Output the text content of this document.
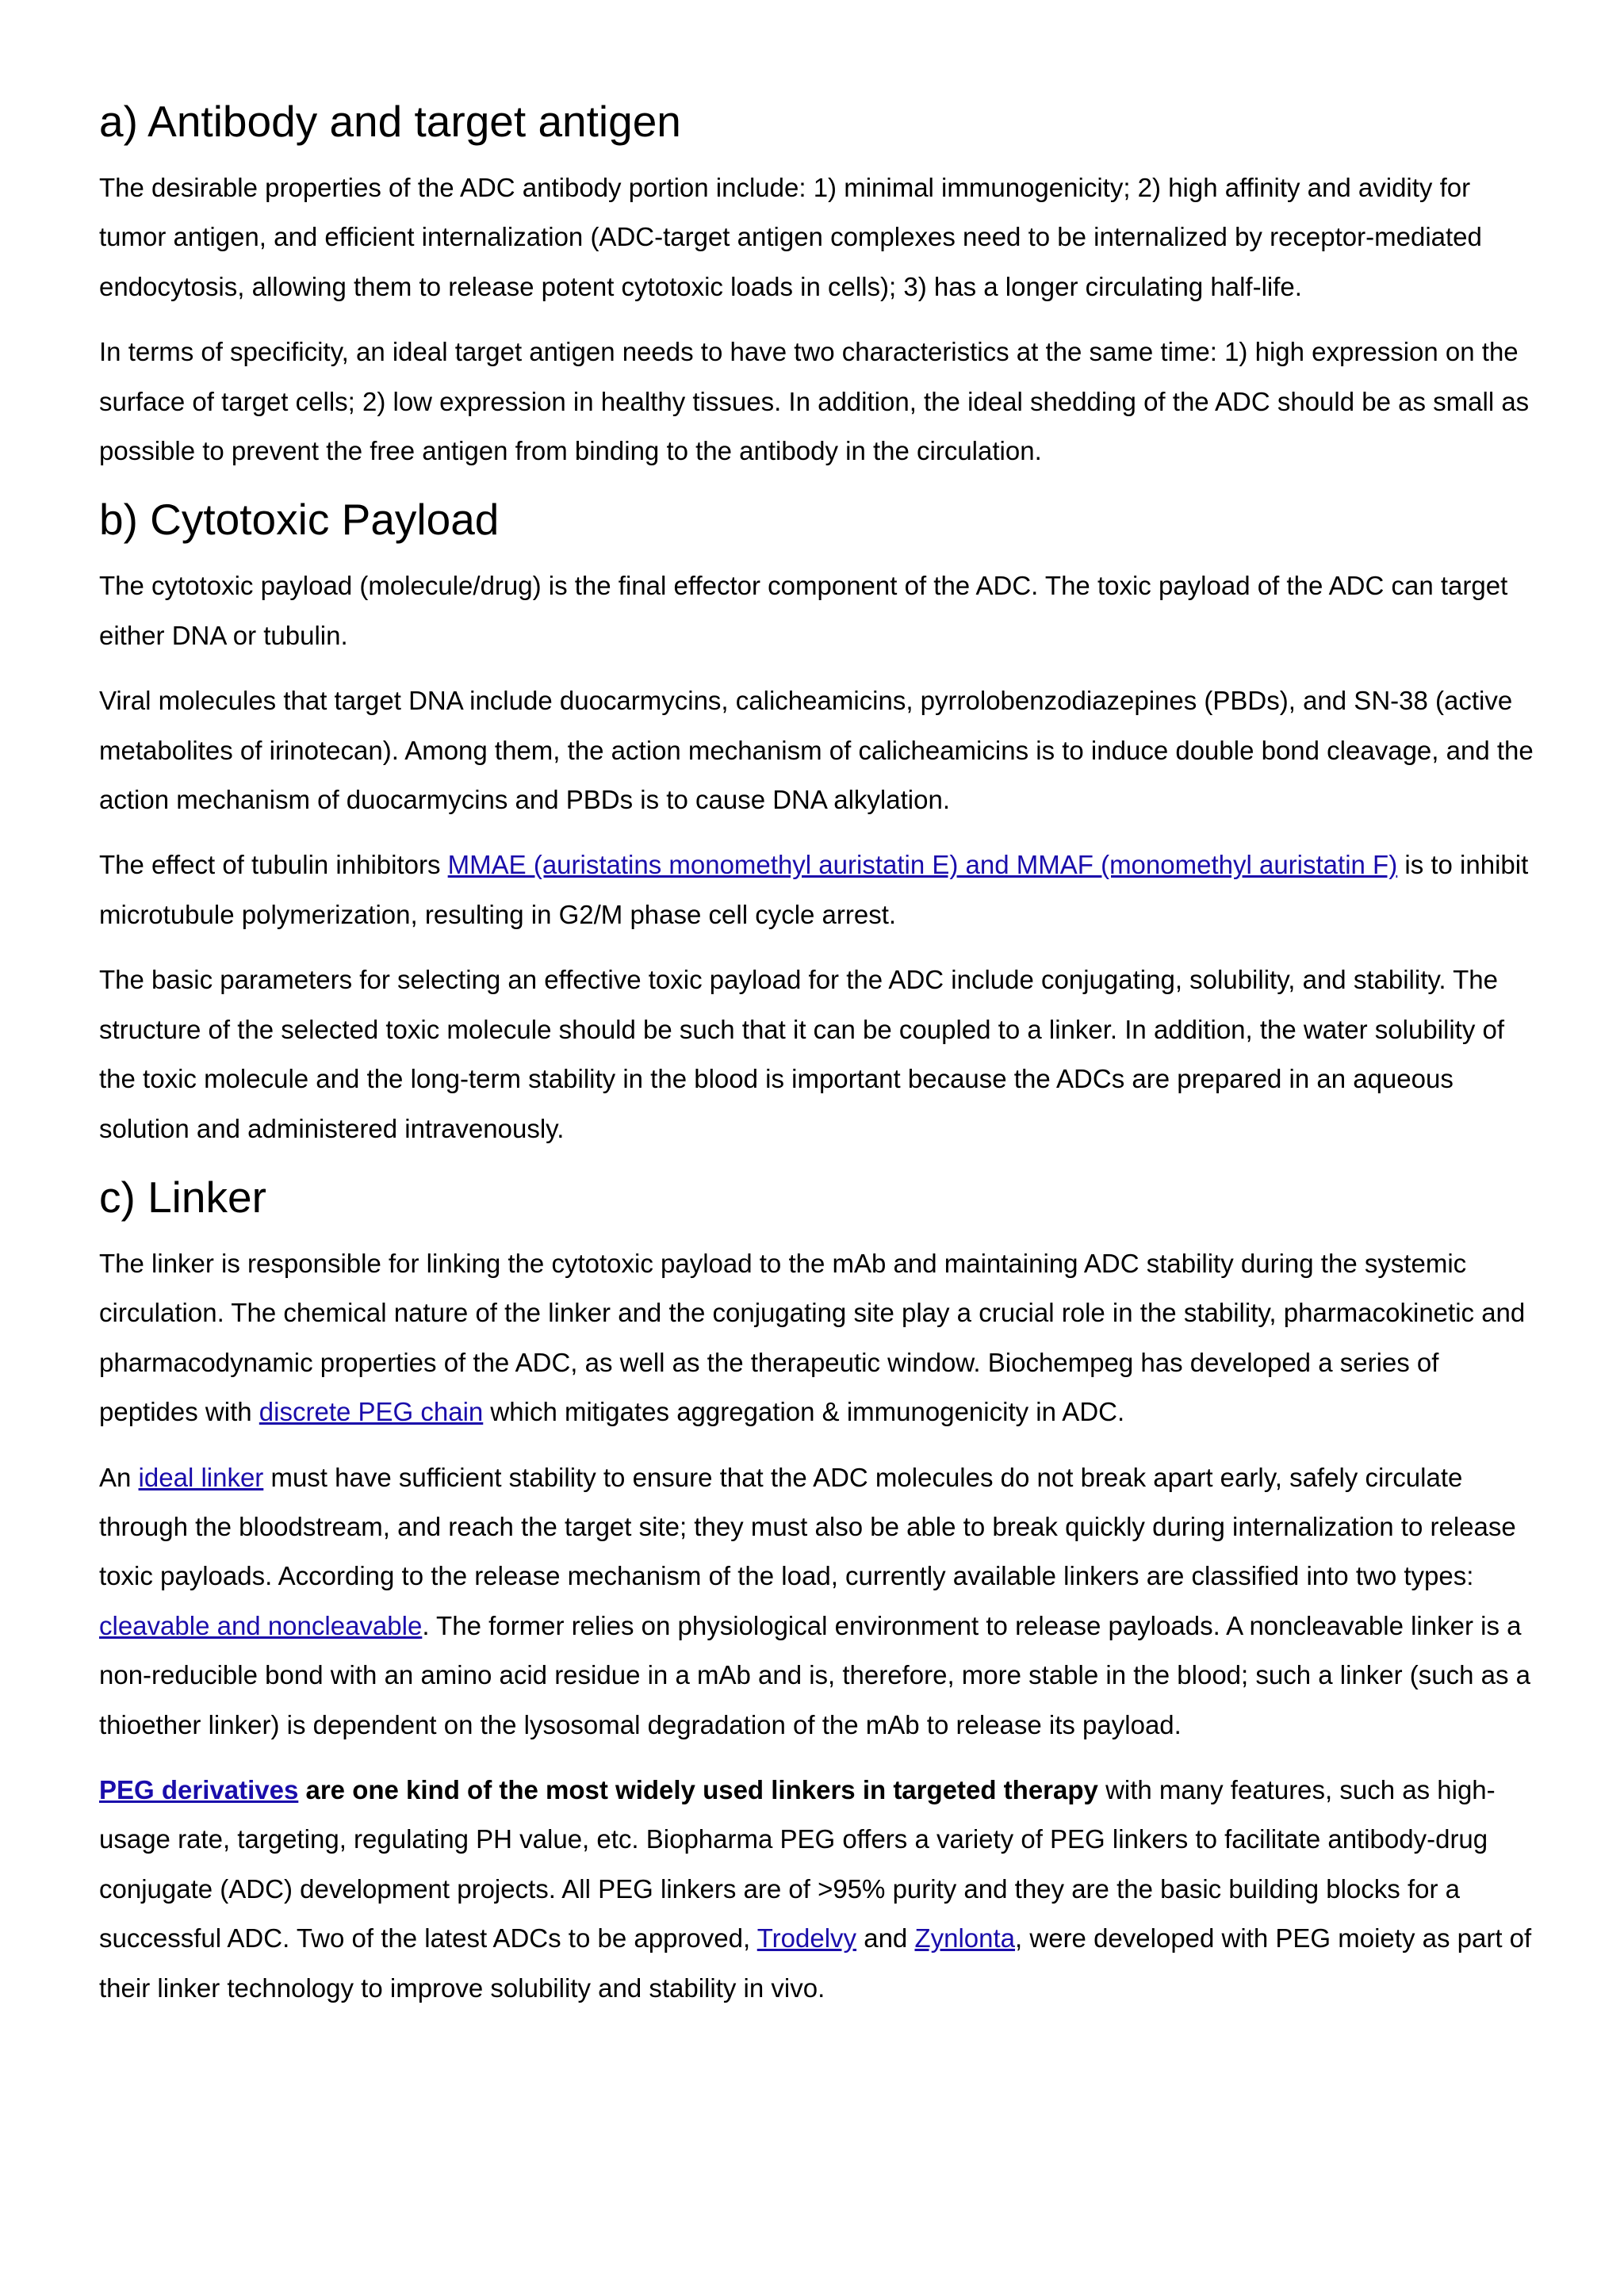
a) Antibody and target antigen

The desirable properties of the ADC antibody portion include: 1) minimal immunogenicity; 2) high affinity and avidity for tumor antigen, and efficient internalization (ADC-target antigen complexes need to be internalized by receptor-mediated endocytosis, allowing them to release potent cytotoxic loads in cells); 3) has a longer circulating half-life.

In terms of specificity, an ideal target antigen needs to have two characteristics at the same time: 1) high expression on the surface of target cells; 2) low expression in healthy tissues. In addition, the ideal shedding of the ADC should be as small as possible to prevent the free antigen from binding to the antibody in the circulation.

b) Cytotoxic Payload

The cytotoxic payload (molecule/drug) is the final effector component of the ADC. The toxic payload of the ADC can target either DNA or tubulin.

Viral molecules that target DNA include duocarmycins, calicheamicins, pyrrolobenzodiazepines (PBDs), and SN-38 (active metabolites of irinotecan). Among them, the action mechanism of calicheamicins is to induce double bond cleavage, and the action mechanism of duocarmycins and PBDs is to cause DNA alkylation.

The effect of tubulin inhibitors MMAE (auristatins monomethyl auristatin E) and MMAF (monomethyl auristatin F) is to inhibit microtubule polymerization, resulting in G2/M phase cell cycle arrest.

The basic parameters for selecting an effective toxic payload for the ADC include conjugating, solubility, and stability. The structure of the selected toxic molecule should be such that it can be coupled to a linker. In addition, the water solubility of the toxic molecule and the long-term stability in the blood is important because the ADCs are prepared in an aqueous solution and administered intravenously.

c) Linker

The linker is responsible for linking the cytotoxic payload to the mAb and maintaining ADC stability during the systemic circulation. The chemical nature of the linker and the conjugating site play a crucial role in the stability, pharmacokinetic and pharmacodynamic properties of the ADC, as well as the therapeutic window. Biochempeg has developed a series of peptides with discrete PEG chain which mitigates aggregation & immunogenicity in ADC.

An ideal linker must have sufficient stability to ensure that the ADC molecules do not break apart early, safely circulate through the bloodstream, and reach the target site; they must also be able to break quickly during internalization to release toxic payloads. According to the release mechanism of the load, currently available linkers are classified into two types: cleavable and noncleavable. The former relies on physiological environment to release payloads. A noncleavable linker is a non-reducible bond with an amino acid residue in a mAb and is, therefore, more stable in the blood; such a linker (such as a thioether linker) is dependent on the lysosomal degradation of the mAb to release its payload.

PEG derivatives are one kind of the most widely used linkers in targeted therapy with many features, such as high-usage rate, targeting, regulating PH value, etc. Biopharma PEG offers a variety of PEG linkers to facilitate antibody-drug conjugate (ADC) development projects. All PEG linkers are of >95% purity and they are the basic building blocks for a successful ADC. Two of the latest ADCs to be approved, Trodelvy and Zynlonta, were developed with PEG moiety as part of their linker technology to improve solubility and stability in vivo.
